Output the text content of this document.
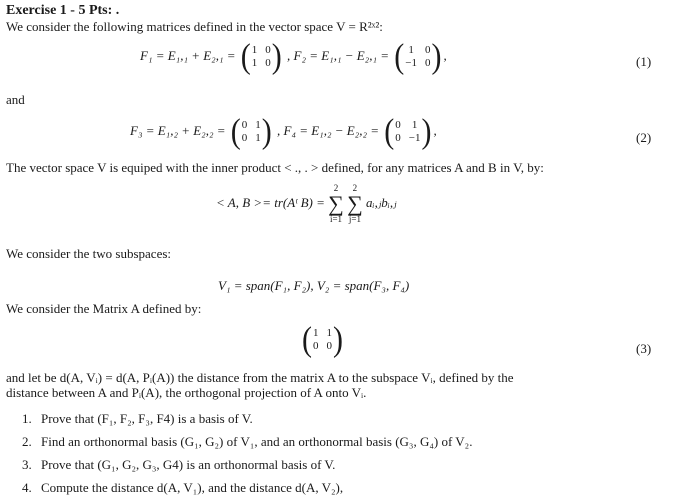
Exercise 1 - 5 Pts: .
We consider the following matrices defined in the vector space V = R²ˣ²:
F₁ = E₁,₁ + E₂,₁ = ( 1 0
1 0 ) , F₂ = E₁,₁ − E₂,₁ = ( 1 0
−1 0 ) ,	(1)
and
F₃ = E₁,₂ + E₂,₂ = ( 0 1
0 1 ) , F₄ = E₁,₂ − E₂,₂ = ( 0 1
0 −1 ) ,	(2)
The vector space V is equiped with the inner product < ., . > defined, for any matrices A and B in V, by:
< A, B >= tr(Aᵗ B) =
2
∑
i=1

2
∑
j=1
aᵢ,ⱼbᵢ,ⱼ
We consider the two subspaces:
V₁ = span(F₁, F₂), V₂ = span(F₃, F₄)
We consider the Matrix A defined by:
( 1 1
0 0 )	(3)
and let be d(A, Vᵢ) = d(A, Pᵢ(A)) the distance from the matrix A to the subspace Vᵢ, defined by the
distance between A and Pᵢ(A), the orthogonal projection of A onto Vᵢ.
1. Prove that (F₁, F₂, F₃, F4) is a basis of V.
2. Find an orthonormal basis (G₁, G₂) of V₁, and an orthonormal basis (G₃, G₄) of V₂.
3. Prove that (G₁, G₂, G₃, G4) is an orthonormal basis of V.
4. Compute the distance d(A, V₁), and the distance d(A, V₂),
